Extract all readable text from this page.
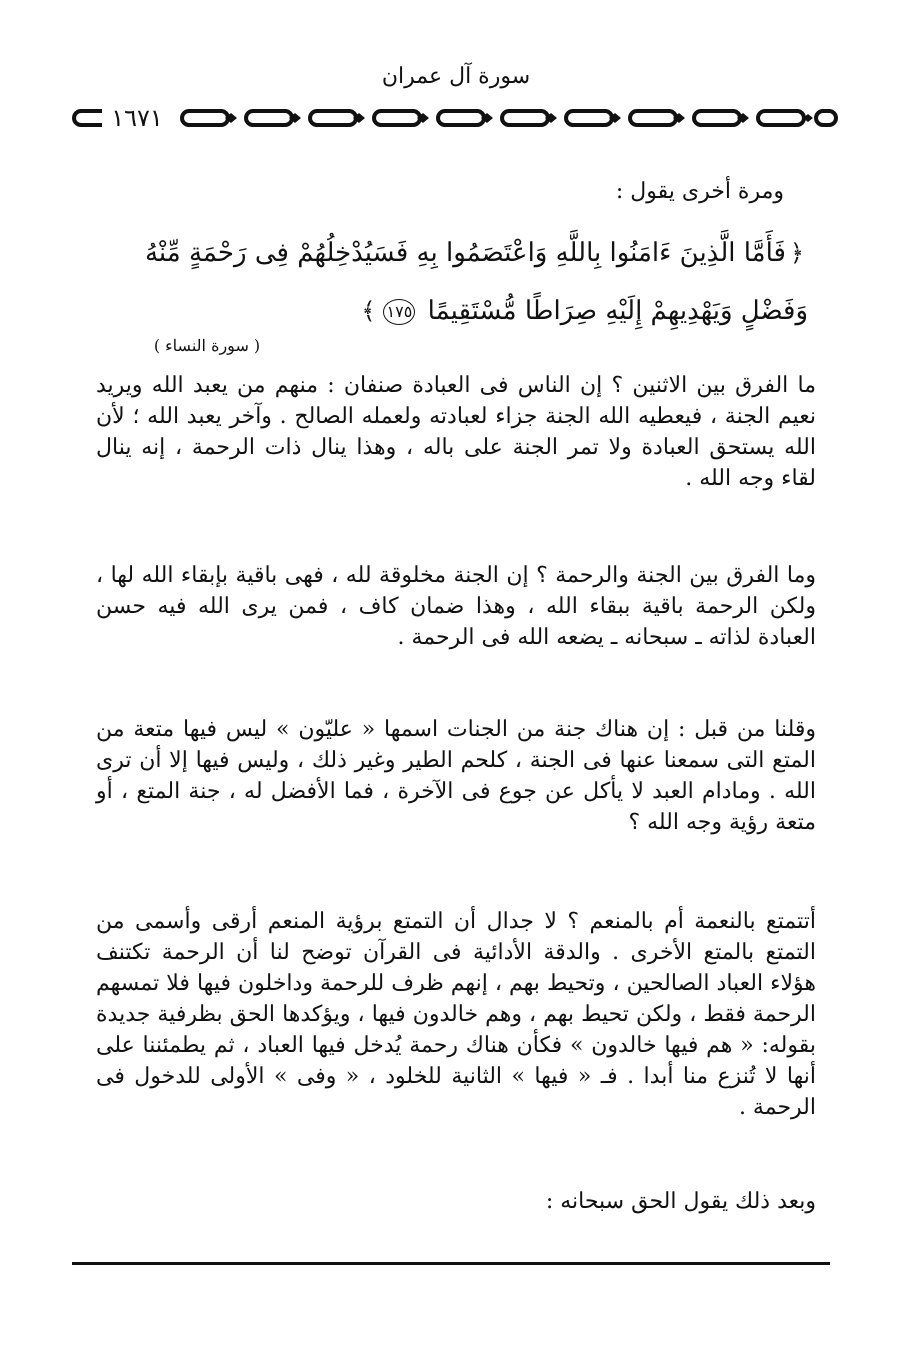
سورة آل عمران
١٦٧١
ومرة أخرى يقول :
﴿فَأَمَّا الَّذِينَ ءَامَنُوا بِاللَّهِ وَاعْتَصَمُوا بِهِ فَسَيُدْخِلُهُمْ فِى رَحْمَةٍ مِّنْهُ وَفَضْلٍ وَيَهْدِيهِمْ إِلَيْهِ صِرَاطًا مُّسْتَقِيمًا ١٧٥﴾
( سورة النساء )
ما الفرق بين الاثنين ؟ إن الناس فى العبادة صنفان : منهم من يعبد الله ويريد نعيم الجنة ، فيعطيه الله الجنة جزاء لعبادته ولعمله الصالح . وآخر يعبد الله ؛ لأن الله يستحق العبادة ولا تمر الجنة على باله ، وهذا ينال ذات الرحمة ، إنه ينال لقاء وجه الله .
وما الفرق بين الجنة والرحمة ؟ إن الجنة مخلوقة لله ، فهى باقية بإبقاء الله لها ، ولكن الرحمة باقية ببقاء الله ، وهذا ضمان كاف ، فمن يرى الله فيه حسن العبادة لذاته ـ سبحانه ـ يضعه الله فى الرحمة .
وقلنا من قبل : إن هناك جنة من الجنات اسمها « عليّون » ليس فيها متعة من المتع التى سمعنا عنها فى الجنة ، كلحم الطير وغير ذلك ، وليس فيها إلا أن ترى الله . ومادام العبد لا يأكل عن جوع فى الآخرة ، فما الأفضل له ، جنة المتع ، أو متعة رؤية وجه الله ؟
أتتمتع بالنعمة أم بالمنعم ؟ لا جدال أن التمتع برؤية المنعم أرقى وأسمى من التمتع بالمتع الأخرى . والدقة الأدائية فى القرآن توضح لنا أن الرحمة تكتنف هؤلاء العباد الصالحين ، وتحيط بهم ، إنهم ظرف للرحمة وداخلون فيها فلا تمسهم الرحمة فقط ، ولكن تحيط بهم ، وهم خالدون فيها ، ويؤكدها الحق بظرفية جديدة بقوله: « هم فيها خالدون » فكأن هناك رحمة يُدخل فيها العباد ، ثم يطمئننا على أنها لا تُنزع منا أبدا . فـ « فيها » الثانية للخلود ، « وفى » الأولى للدخول فى الرحمة .
وبعد ذلك يقول الحق سبحانه :
